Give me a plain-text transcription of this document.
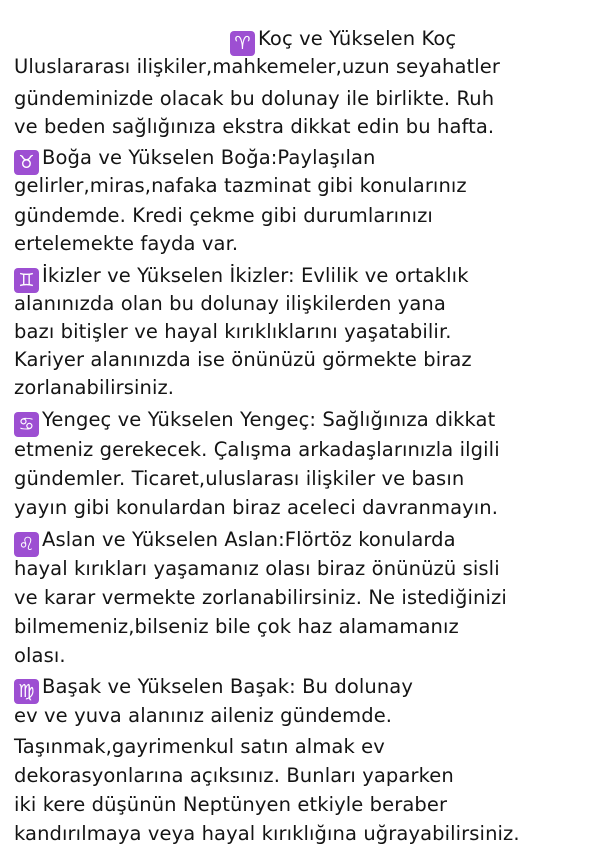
♈ Koç ve Yükselen Koç
Uluslararası ilişkiler,mahkemeler,uzun seyahatler
gündeminizde olacak bu dolunay ile birlikte. Ruh
ve beden sağlığınıza ekstra dikkat edin bu hafta.
♉ Boğa ve Yükselen Boğa:Paylaşılan
gelirler,miras,nafaka tazminat gibi konularınız
gündemde. Kredi çekme gibi durumlarınızı
ertelemekte fayda var.
♊ İkizler ve Yükselen İkizler: Evlilik ve ortaklık
alanınızda olan bu dolunay ilişkilerden yana
bazı bitişler ve hayal kırıklıklarını yaşatabilir.
Kariyer alanınızda ise önünüzü görmekte biraz
zorlanabilirsiniz.
♋ Yengeç ve Yükselen Yengeç: Sağlığınıza dikkat
etmeniz gerekecek. Çalışma arkadaşlarınızla ilgili
gündemler. Ticaret,uluslarası ilişkiler ve basın
yayın gibi konulardan biraz aceleci davranmayın.
♌ Aslan ve Yükselen Aslan:Flörtöz konularda
hayal kırıkları yaşamanız olası biraz önünüzü sisli
ve karar vermekte zorlanabilirsiniz. Ne istediğinizi
bilmemeniz,bilseniz bile çok haz alamamanız
olası.
♍ Başak ve Yükselen Başak: Bu dolunay
ev ve yuva alanınız aileniz gündemde.
Taşınmak,gayrimenkul satın almak ev
dekorasyonlarına açıksınız. Bunları yaparken
iki kere düşünün Neptünyen etkiyle beraber
kandırılmaya veya hayal kırıklığına uğrayabilirsiniz.
